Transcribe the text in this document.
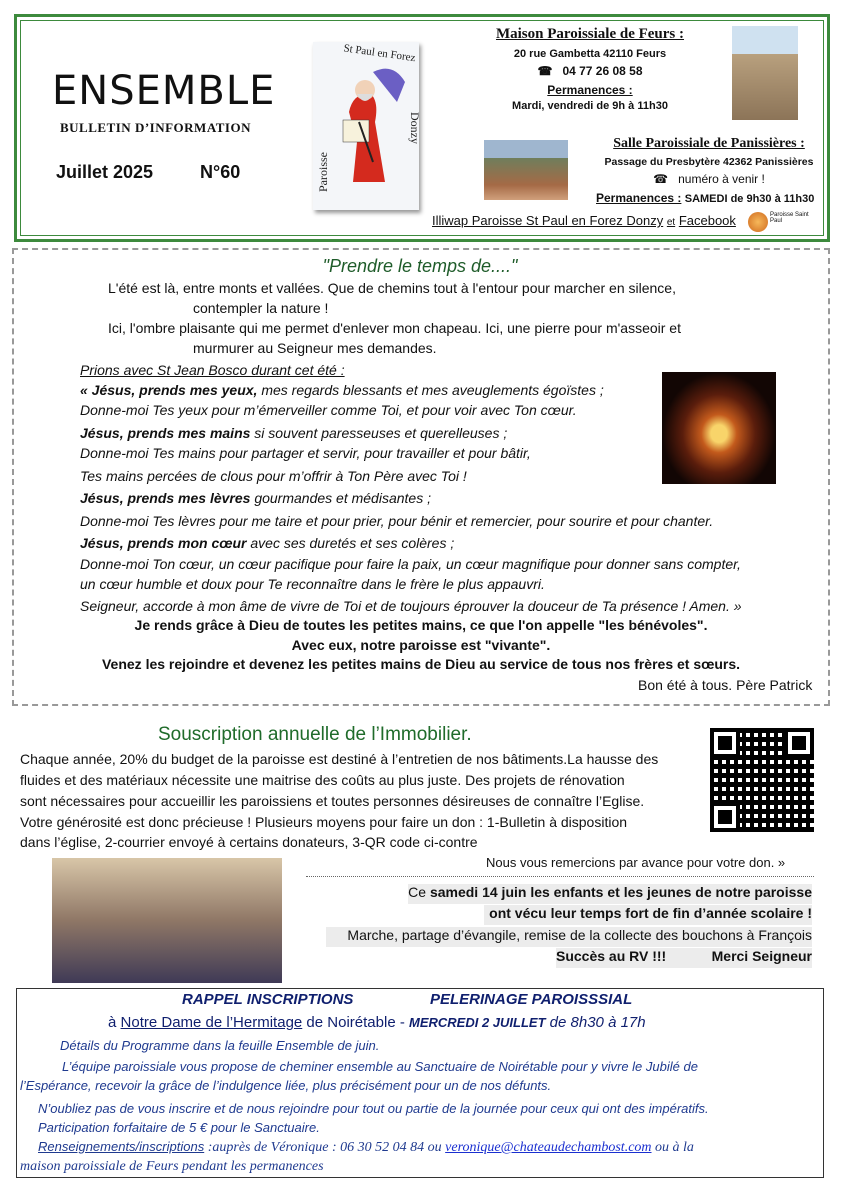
ENSEMBLE
BULLETIN D’INFORMATION
Juillet 2025	N°60	Paroisse
St Paul en Forez
Donzy
Maison Paroissiale de Feurs :
20 rue Gambetta 42110 Feurs
☎   04 77 26 08 58
Permanences :
Mardi, vendredi de 9h à 11h30
Salle Paroissiale de Panissières :
Passage du Presbytère 42362 Panissières
☎   numéro à venir !
Permanences : SAMEDI de 9h30 à 11h30
Illiwap Paroisse St Paul en Forez Donzy et Facebook	Paroisse Saint Paul
"Prendre le temps de...."
L'été est là, entre monts et vallées. Que de chemins tout à l'entour pour marcher en silence,
contempler la nature !
Ici, l'ombre plaisante qui me permet d'enlever mon chapeau. Ici, une pierre pour m'asseoir et
murmurer au Seigneur mes demandes.
Prions avec St Jean Bosco durant cet été :
« Jésus, prends mes yeux, mes regards blessants et mes aveuglements égoïstes ;
Donne-moi Tes yeux pour m’émerveiller comme Toi, et pour voir avec Ton cœur.
Jésus, prends mes mains si souvent paresseuses et querelleuses ;
Donne-moi Tes mains pour partager et servir, pour travailler et pour bâtir,
Tes mains percées de clous pour m’offrir à Ton Père avec Toi !
Jésus, prends mes lèvres gourmandes et médisantes ;
Donne-moi Tes lèvres pour me taire et pour prier, pour bénir et remercier, pour sourire et pour chanter.
Jésus, prends mon cœur avec ses duretés et ses colères ;
Donne-moi Ton cœur, un cœur pacifique pour faire la paix, un cœur magnifique pour donner sans compter,
un cœur humble et doux pour Te reconnaître dans le frère le plus appauvri.
Seigneur, accorde à mon âme de vivre de Toi et de toujours éprouver la douceur de Ta présence ! Amen. »
Je rends grâce à Dieu de toutes les petites mains, ce que l'on appelle "les bénévoles".
Avec eux, notre paroisse est "vivante".
Venez les rejoindre et devenez les petites mains de Dieu au service de tous nos frères et sœurs.
Bon été à tous. Père Patrick
Souscription annuelle de l’Immobilier.
Chaque année, 20% du budget de la paroisse est destiné à l’entretien de nos bâtiments.La hausse des
fluides et des matériaux nécessite une maitrise des coûts au plus juste. Des projets de rénovation
sont nécessaires pour accueillir les paroissiens et toutes personnes désireuses de connaître l’Eglise.
Votre générosité est donc précieuse ! Plusieurs moyens pour faire un don : 1-Bulletin à disposition
dans l’église, 2-courrier envoyé à certains donateurs, 3-QR code ci-contre
Nous vous remercions par avance pour votre don. »
Ce samedi 14 juin les enfants et les jeunes de notre paroisse
ont vécu leur temps fort de fin d’année scolaire !
Marche, partage d’évangile, remise de la collecte des bouchons à François
Succès au RV !!!	Merci Seigneur
RAPPEL INSCRIPTIONS	PELERINAGE PAROISSSIAL
à Notre Dame de l’Hermitage de Noirétable - MERCREDI 2 JUILLET de 8h30 à 17h
Détails du Programme dans la feuille Ensemble de juin.
L’équipe paroissiale vous propose de cheminer ensemble au Sanctuaire de Noirétable pour y vivre le Jubilé de
l’Espérance, recevoir la grâce de l’indulgence liée, plus précisément pour un de nos défunts.
N’oubliez pas de vous inscrire et de nous rejoindre pour tout ou partie de la journée pour ceux qui ont des impératifs.
Participation forfaitaire de 5 € pour le Sanctuaire.
Renseignements/inscriptions :auprès de Véronique : 06 30 52 04 84 ou veronique@chateaudechambost.com ou à la
maison paroissiale de Feurs pendant les permanences
